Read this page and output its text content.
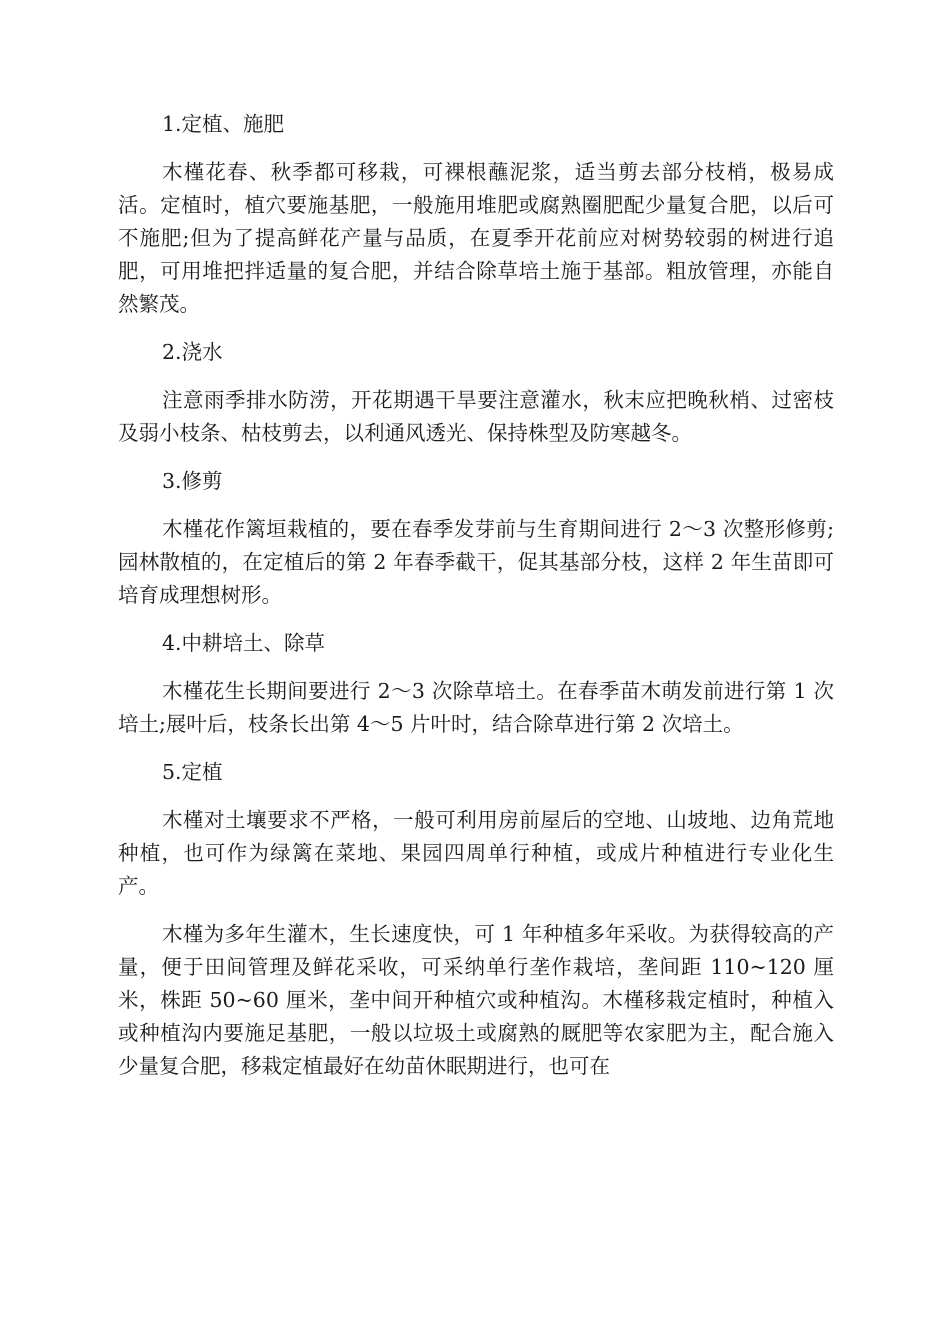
1.定植、施肥
木槿花春、秋季都可移栽，可裸根蘸泥浆，适当剪去部分枝梢，极易成活。定植时，植穴要施基肥，一般施用堆肥或腐熟圈肥配少量复合肥，以后可不施肥;但为了提高鲜花产量与品质，在夏季开花前应对树势较弱的树进行追肥，可用堆把拌适量的复合肥，并结合除草培土施于基部。粗放管理，亦能自然繁茂。
2.浇水
注意雨季排水防涝，开花期遇干旱要注意灌水，秋末应把晚秋梢、过密枝及弱小枝条、枯枝剪去，以利通风透光、保持株型及防寒越冬。
3.修剪
木槿花作篱垣栽植的，要在春季发芽前与生育期间进行 2～3 次整形修剪;园林散植的，在定植后的第 2 年春季截干，促其基部分枝，这样 2 年生苗即可培育成理想树形。
4.中耕培土、除草
木槿花生长期间要进行 2～3 次除草培土。在春季苗木萌发前进行第 1 次培土;展叶后，枝条长出第 4～5 片叶时，结合除草进行第 2 次培土。
5.定植
木槿对土壤要求不严格，一般可利用房前屋后的空地、山坡地、边角荒地种植，也可作为绿篱在菜地、果园四周单行种植，或成片种植进行专业化生产。
木槿为多年生灌木，生长速度快，可 1 年种植多年采收。为获得较高的产量，便于田间管理及鲜花采收，可采纳单行垄作栽培，垄间距 110~120 厘米，株距 50~60 厘米，垄中间开种植穴或种植沟。木槿移栽定植时，种植入或种植沟内要施足基肥，一般以垃圾土或腐熟的厩肥等农家肥为主，配合施入少量复合肥，移栽定植最好在幼苗休眠期进行，也可在
